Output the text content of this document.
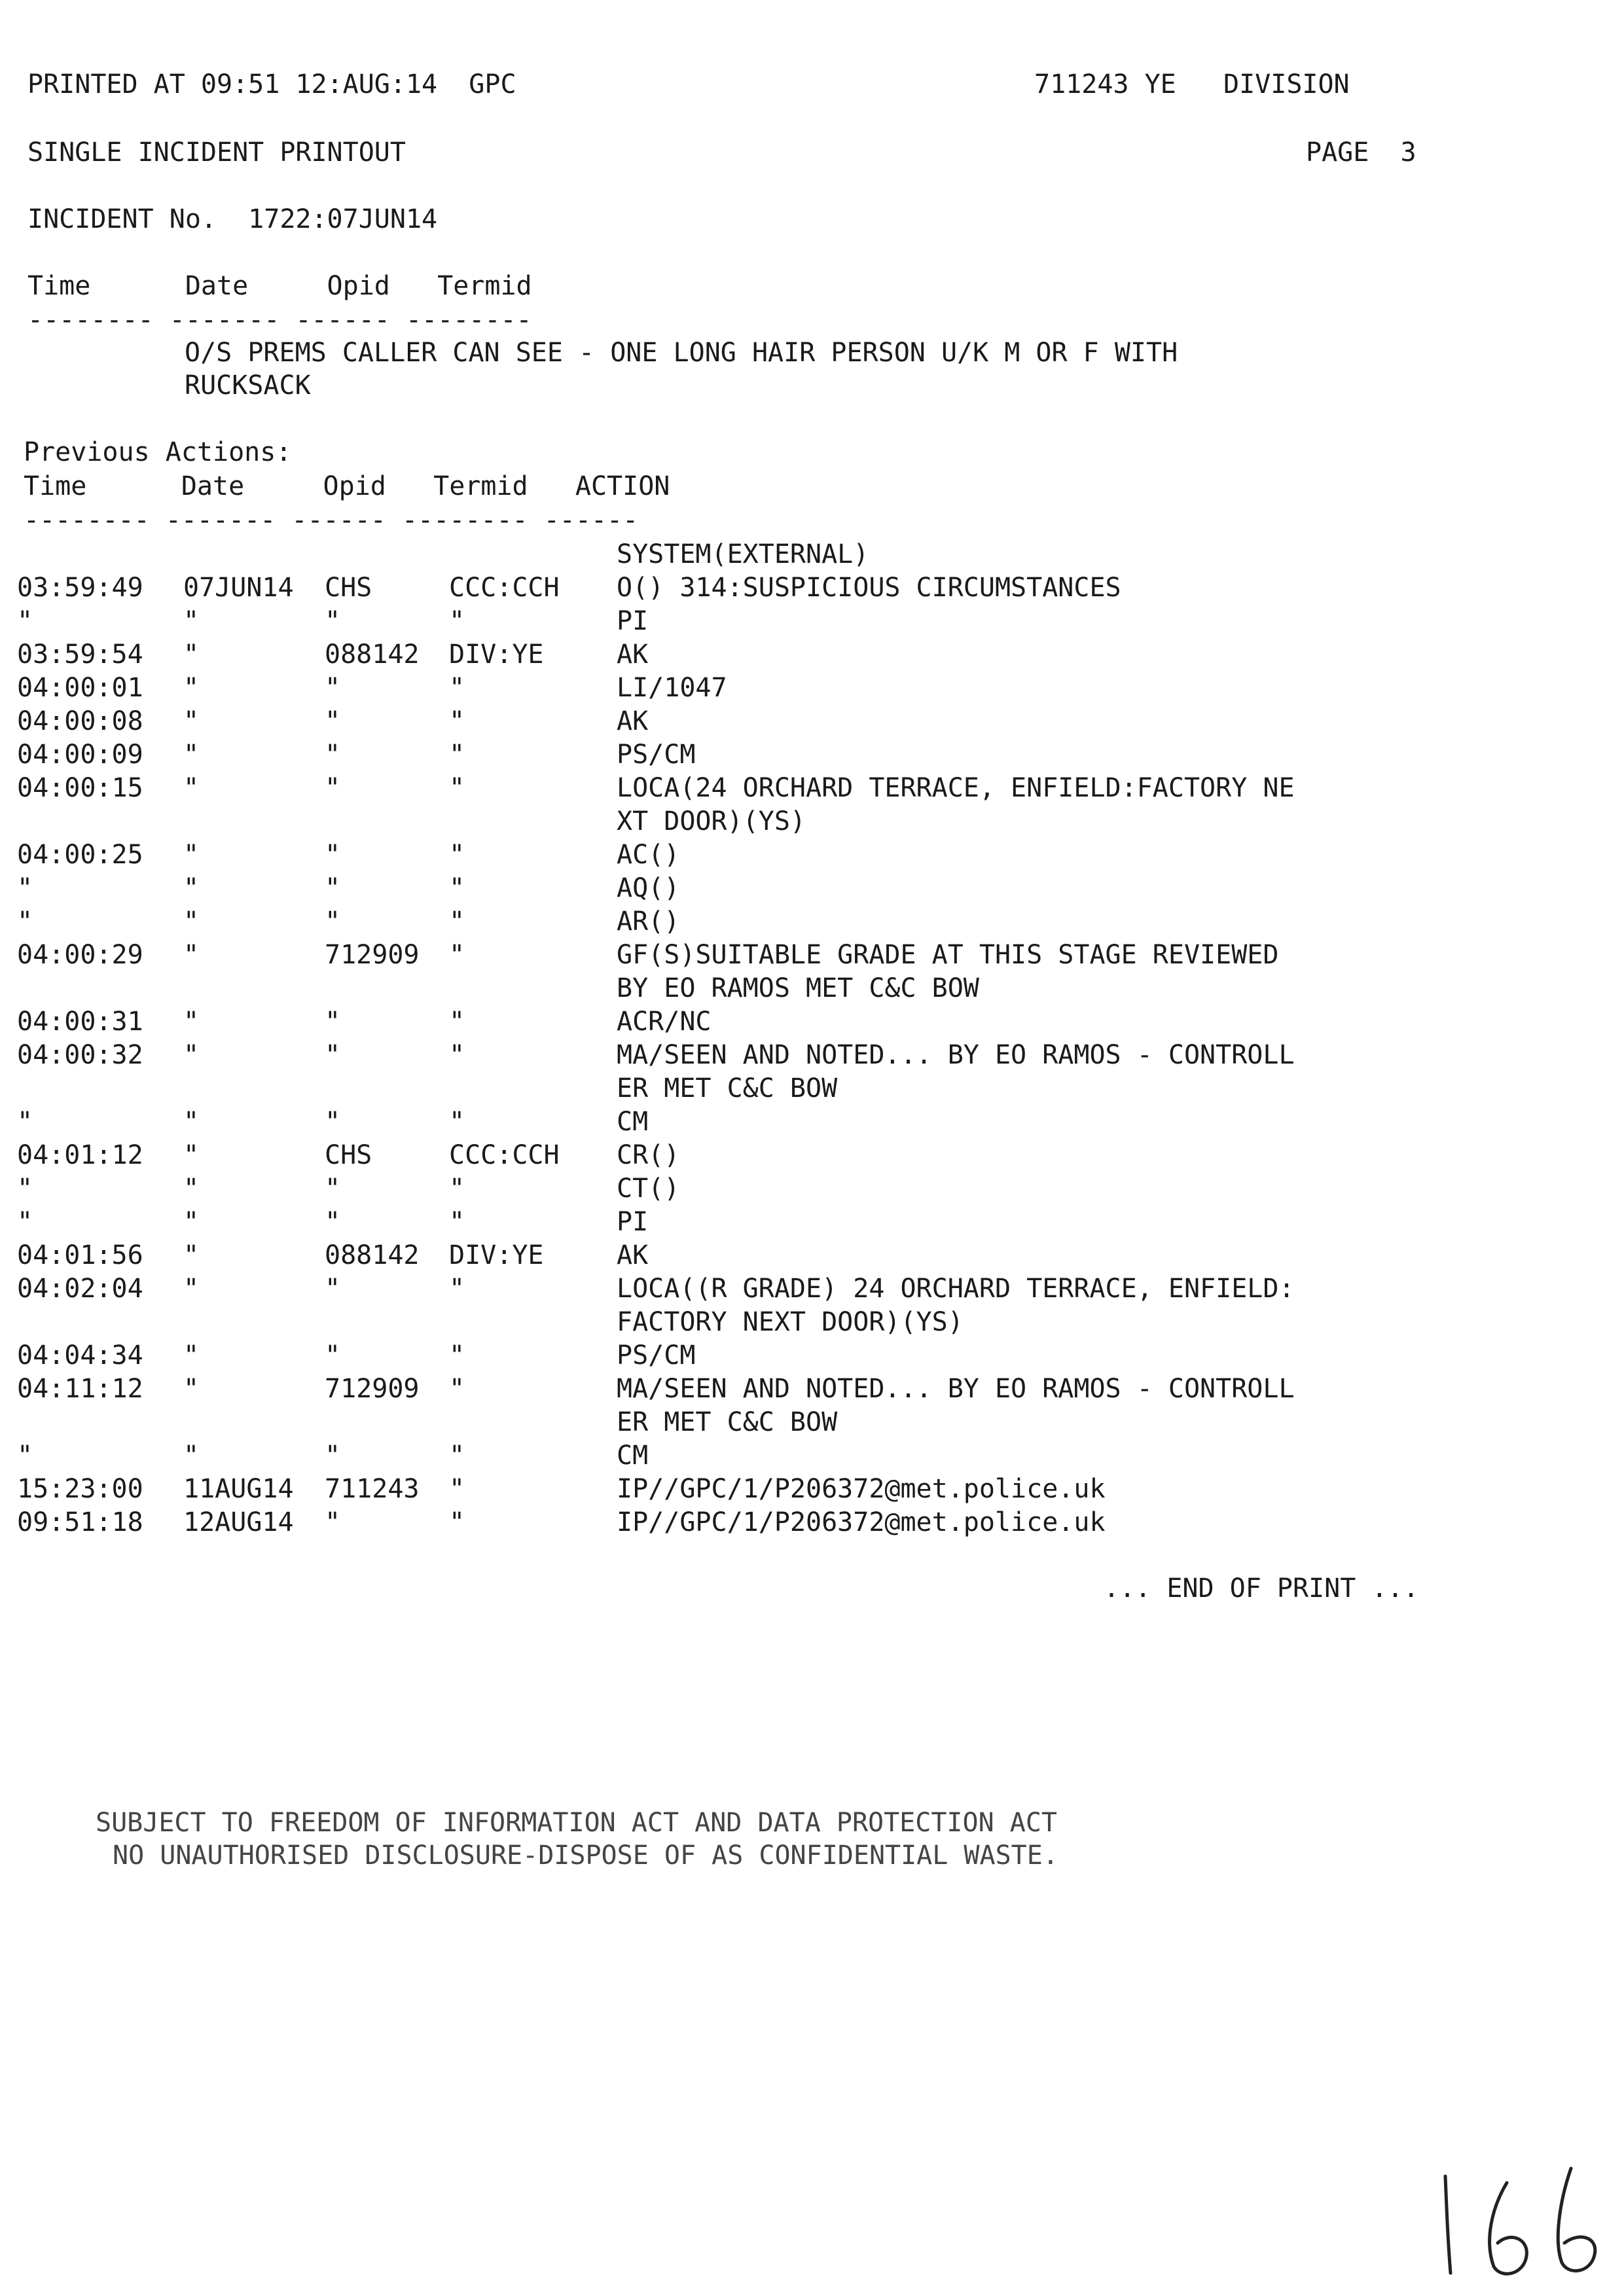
PRINTED AT 09:51 12:AUG:14  GPC	711243 YE   DIVISION
SINGLE INCIDENT PRINTOUT	PAGE  3
INCIDENT No.  1722:07JUN14
Time      Date     Opid   Termid
-------- ------- ------ --------
O/S PREMS CALLER CAN SEE - ONE LONG HAIR PERSON U/K M OR F WITH
RUCKSACK
Previous Actions:
Time      Date     Opid   Termid   ACTION
-------- ------- ------ -------- ------
SYSTEM(EXTERNAL)
03:59:49	07JUN14	CHS	CCC:CCH	O() 314:SUSPICIOUS CIRCUMSTANCES
"	"	"	"	PI
03:59:54	"	088142	DIV:YE	AK
04:00:01	"	"	"	LI/1047
04:00:08	"	"	"	AK
04:00:09	"	"	"	PS/CM
04:00:15	"	"	"	LOCA(24 ORCHARD TERRACE, ENFIELD:FACTORY NE
XT DOOR)(YS)
04:00:25	"	"	"	AC()
"	"	"	"	AQ()
"	"	"	"	AR()
04:00:29	"	712909	"	GF(S)SUITABLE GRADE AT THIS STAGE REVIEWED
BY EO RAMOS MET C&C BOW
04:00:31	"	"	"	ACR/NC
04:00:32	"	"	"	MA/SEEN AND NOTED... BY EO RAMOS - CONTROLL
ER MET C&C BOW
"	"	"	"	CM
04:01:12	"	CHS	CCC:CCH	CR()
"	"	"	"	CT()
"	"	"	"	PI
04:01:56	"	088142	DIV:YE	AK
04:02:04	"	"	"	LOCA((R GRADE) 24 ORCHARD TERRACE, ENFIELD:
FACTORY NEXT DOOR)(YS)
04:04:34	"	"	"	PS/CM
04:11:12	"	712909	"	MA/SEEN AND NOTED... BY EO RAMOS - CONTROLL
ER MET C&C BOW
"	"	"	"	CM
15:23:00	11AUG14	711243	"	IP//GPC/1/P206372@met.police.uk
09:51:18	12AUG14	"	"	IP//GPC/1/P206372@met.police.uk
... END OF PRINT ...
SUBJECT TO FREEDOM OF INFORMATION ACT AND DATA PROTECTION ACT
NO UNAUTHORISED DISCLOSURE-DISPOSE OF AS CONFIDENTIAL WASTE.
